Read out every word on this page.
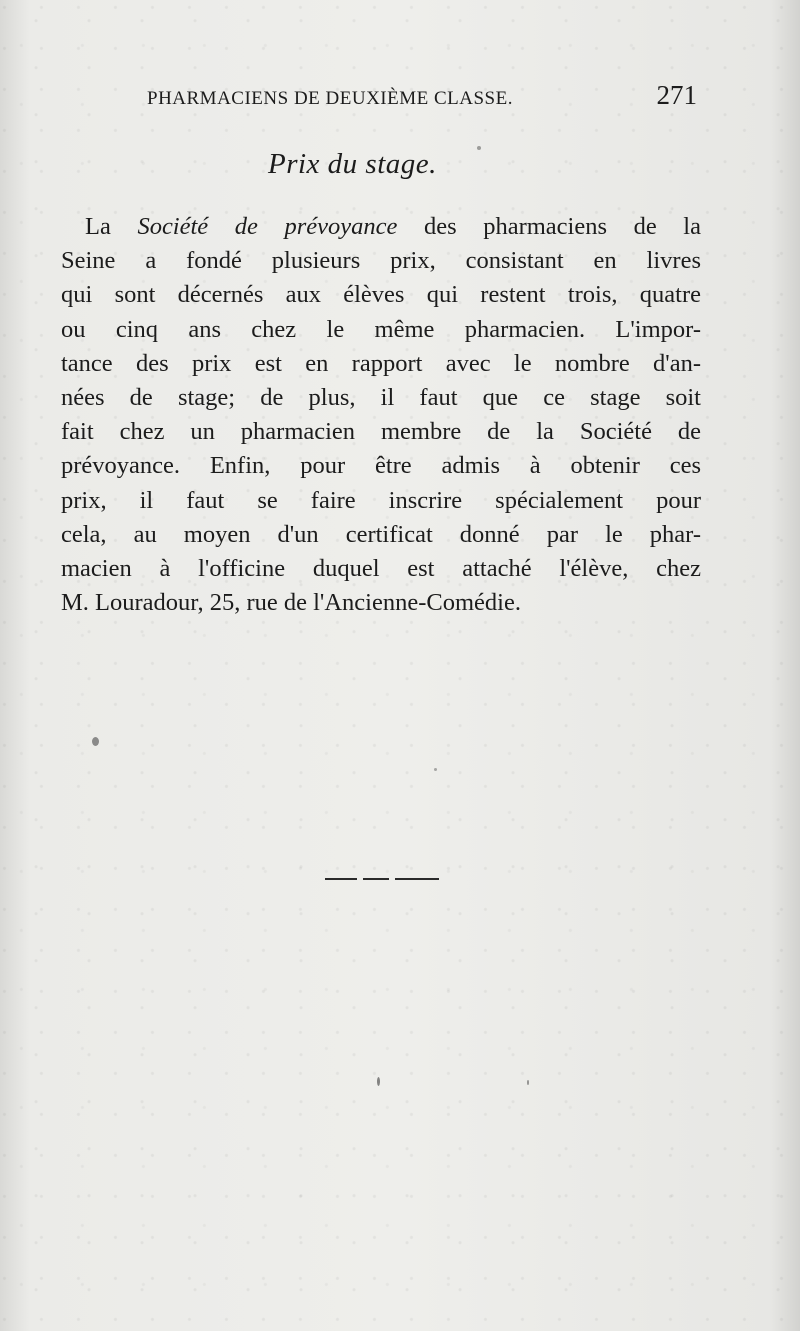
PHARMACIENS DE DEUXIÈME CLASSE.	271
Prix du stage.
La Société de prévoyance des pharmaciens de la
Seine a fondé plusieurs prix, consistant en livres
qui sont décernés aux élèves qui restent trois, quatre
ou cinq ans chez le même pharmacien. L'impor-
tance des prix est en rapport avec le nombre d'an-
nées de stage; de plus, il faut que ce stage soit
fait chez un pharmacien membre de la Société de
prévoyance. Enfin, pour être admis à obtenir ces
prix, il faut se faire inscrire spécialement pour
cela, au moyen d'un certificat donné par le phar-
macien à l'officine duquel est attaché l'élève, chez
M. Louradour, 25, rue de l'Ancienne-Comédie.
